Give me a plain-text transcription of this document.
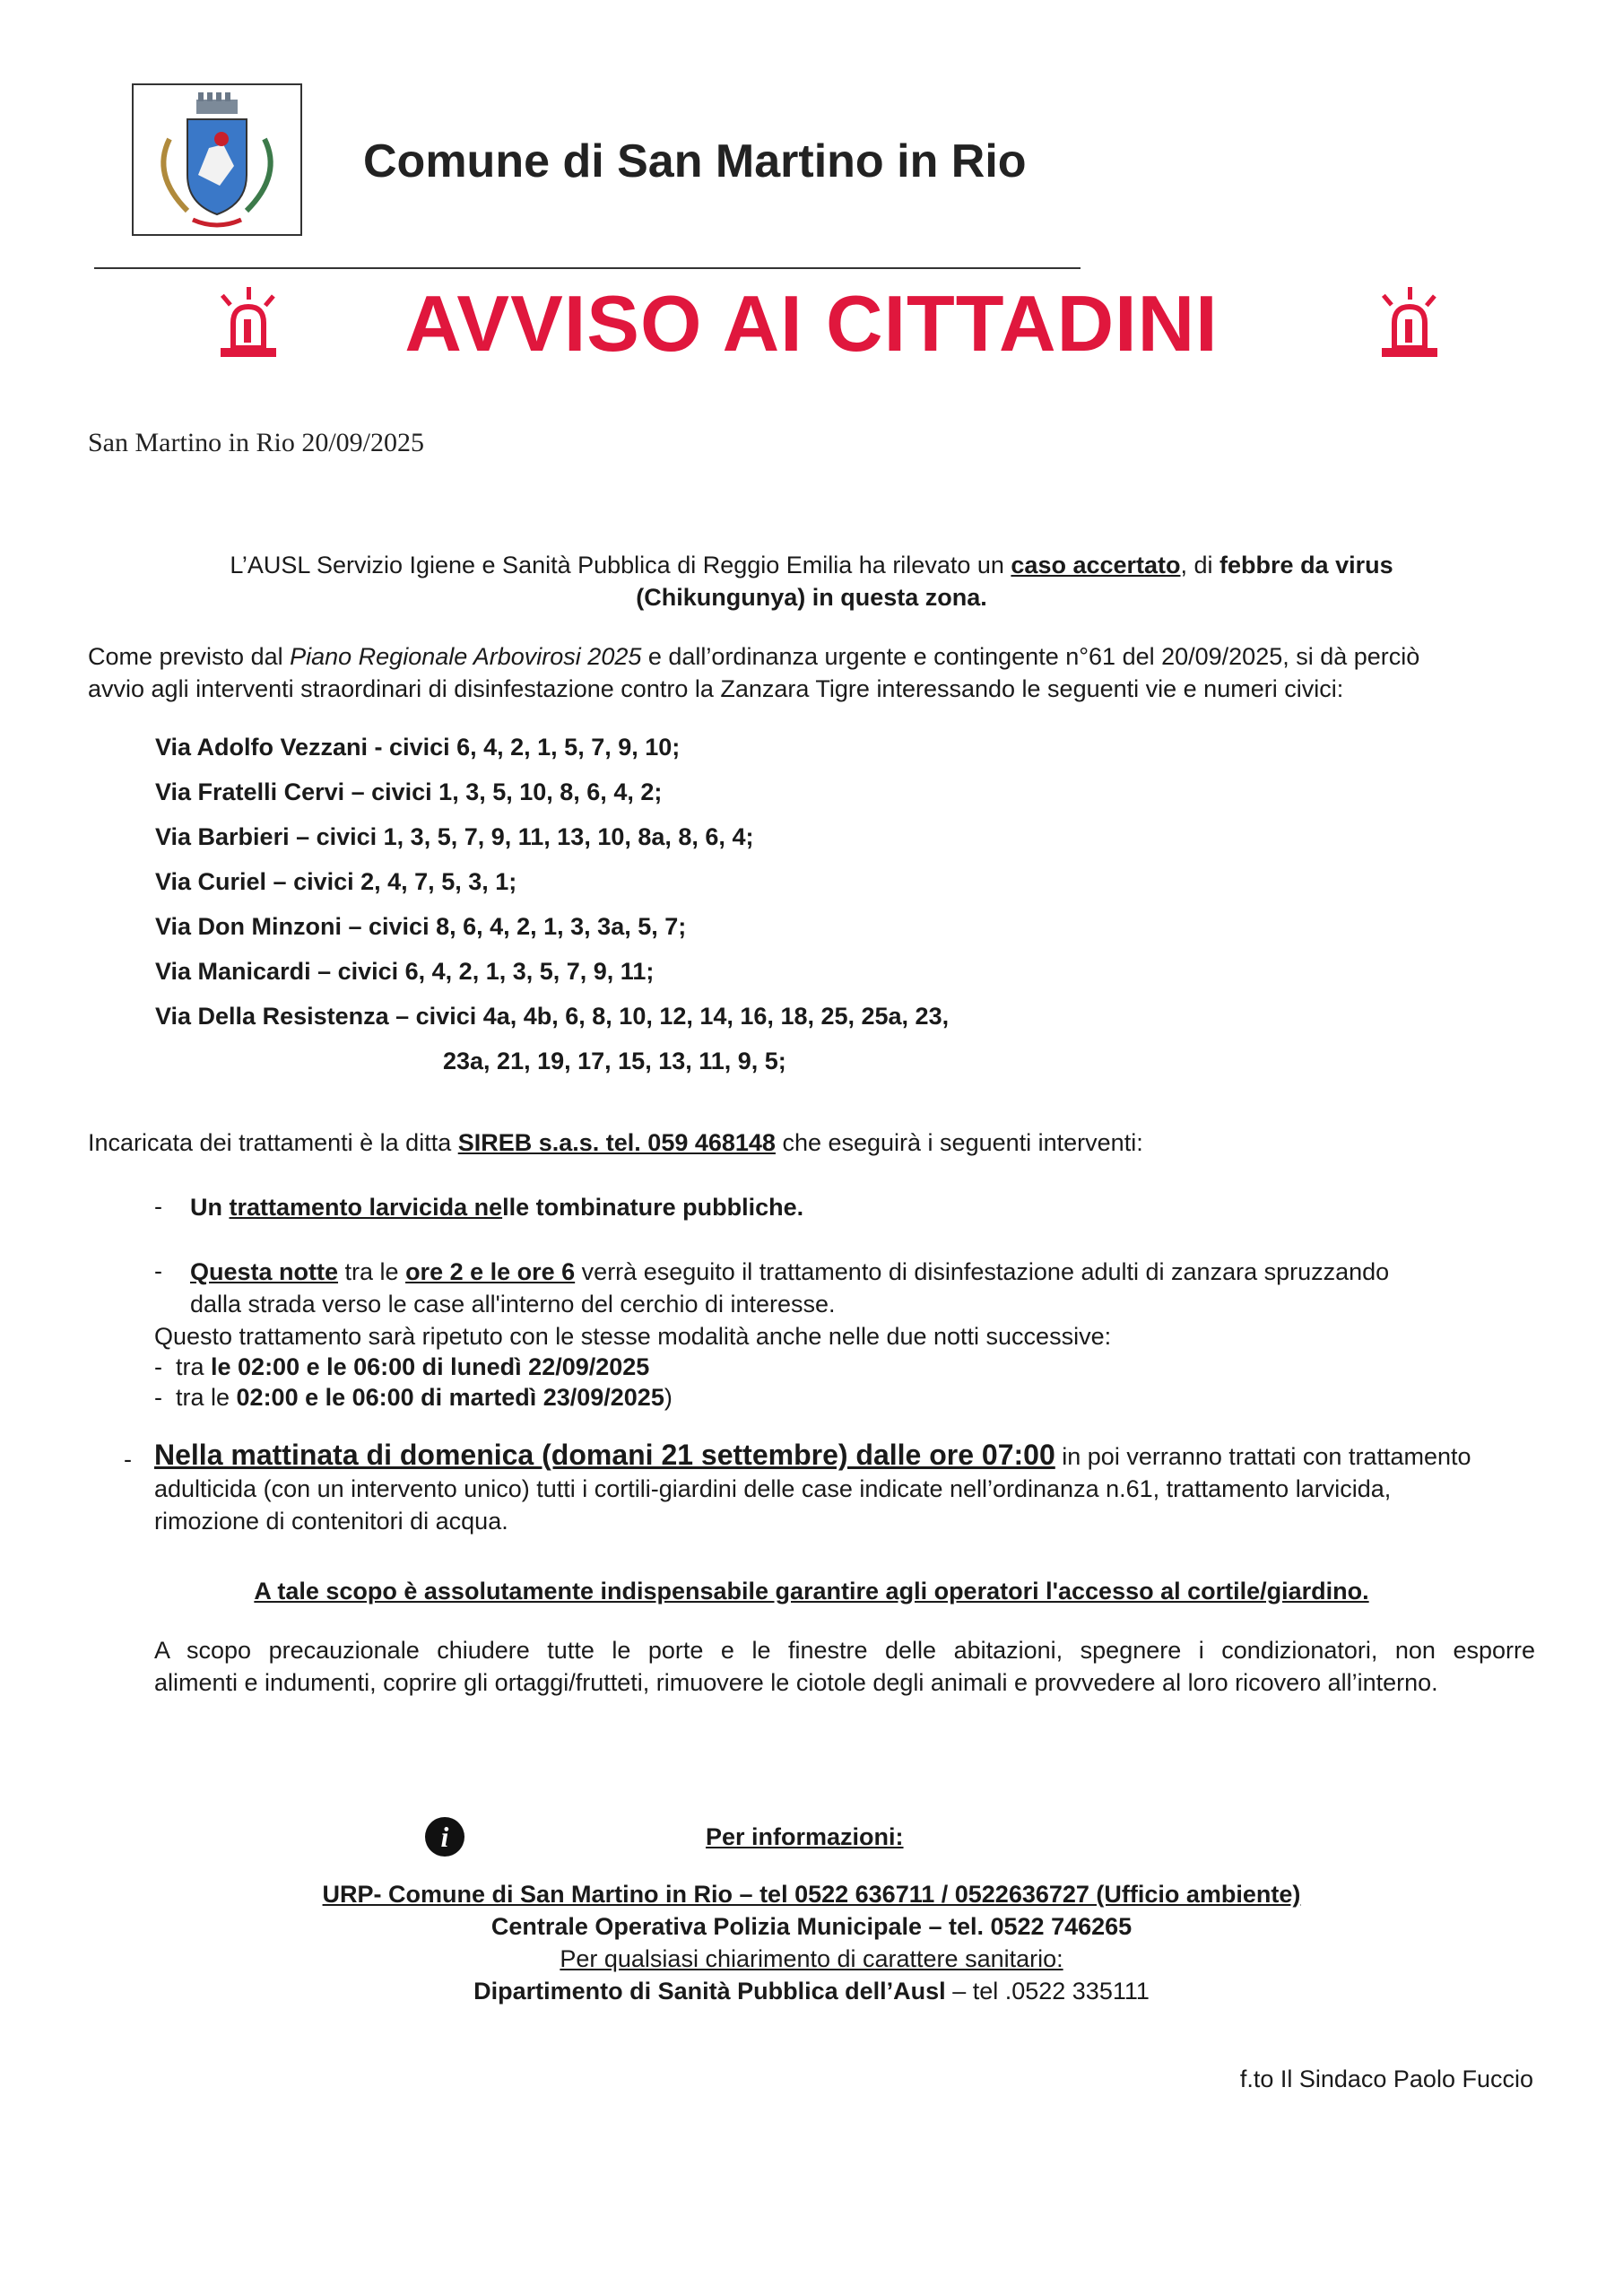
Comune di San Martino in Rio
AVVISO AI CITTADINI
San Martino in Rio 20/09/2025
L’AUSL Servizio Igiene e Sanità Pubblica di Reggio Emilia ha rilevato un caso accertato, di febbre da virus
(Chikungunya) in questa zona.
Come previsto dal Piano Regionale Arbovirosi 2025 e dall’ordinanza urgente e contingente n°61 del 20/09/2025, si dà perciò
avvio agli interventi straordinari di disinfestazione contro la Zanzara Tigre interessando le seguenti vie e numeri civici:
Via Adolfo Vezzani - civici 6, 4, 2, 1, 5, 7, 9, 10;
Via Fratelli Cervi – civici 1, 3, 5, 10, 8, 6, 4, 2;
Via Barbieri – civici 1, 3, 5, 7, 9, 11, 13, 10, 8a, 8, 6, 4;
Via Curiel – civici 2, 4, 7, 5, 3, 1;
Via Don Minzoni – civici 8, 6, 4, 2, 1, 3, 3a, 5, 7;
Via Manicardi – civici 6, 4, 2, 1, 3, 5, 7, 9, 11;
Via Della Resistenza – civici 4a, 4b, 6, 8, 10, 12, 14, 16, 18, 25, 25a, 23,
23a, 21, 19, 17, 15, 13, 11, 9, 5;
Incaricata dei trattamenti è la ditta SIREB s.a.s. tel. 059 468148 che eseguirà i seguenti interventi:
- Un trattamento larvicida nelle tombinature pubbliche.
- Questa notte tra le ore 2 e le ore 6 verrà eseguito il trattamento di disinfestazione adulti di zanzara spruzzando
dalla strada verso le case all'interno del cerchio di interesse.
Questo trattamento sarà ripetuto con le stesse modalità anche nelle due notti successive:
-  tra le 02:00 e le 06:00 di lunedì 22/09/2025
-  tra le 02:00 e le 06:00 di martedì 23/09/2025)
- Nella mattinata di domenica (domani 21 settembre) dalle ore 07:00 in poi verranno trattati con trattamento
adulticida (con un intervento unico) tutti i cortili-giardini delle case indicate nell’ordinanza n.61, trattamento larvicida,
rimozione di contenitori di acqua.
A tale scopo è assolutamente indispensabile garantire agli operatori l'accesso al cortile/giardino.
A scopo precauzionale chiudere tutte le porte e le finestre delle abitazioni, spegnere i condizionatori, non esporre
alimenti e indumenti, coprire gli ortaggi/frutteti, rimuovere le ciotole degli animali e provvedere al loro ricovero all’interno.
i	Per informazioni:
URP- Comune di San Martino in Rio – tel 0522 636711 / 0522636727 (Ufficio ambiente)
Centrale Operativa Polizia Municipale – tel. 0522 746265
Per qualsiasi chiarimento di carattere sanitario:
Dipartimento di Sanità Pubblica dell’Ausl – tel .0522 335111
f.to Il Sindaco Paolo Fuccio
